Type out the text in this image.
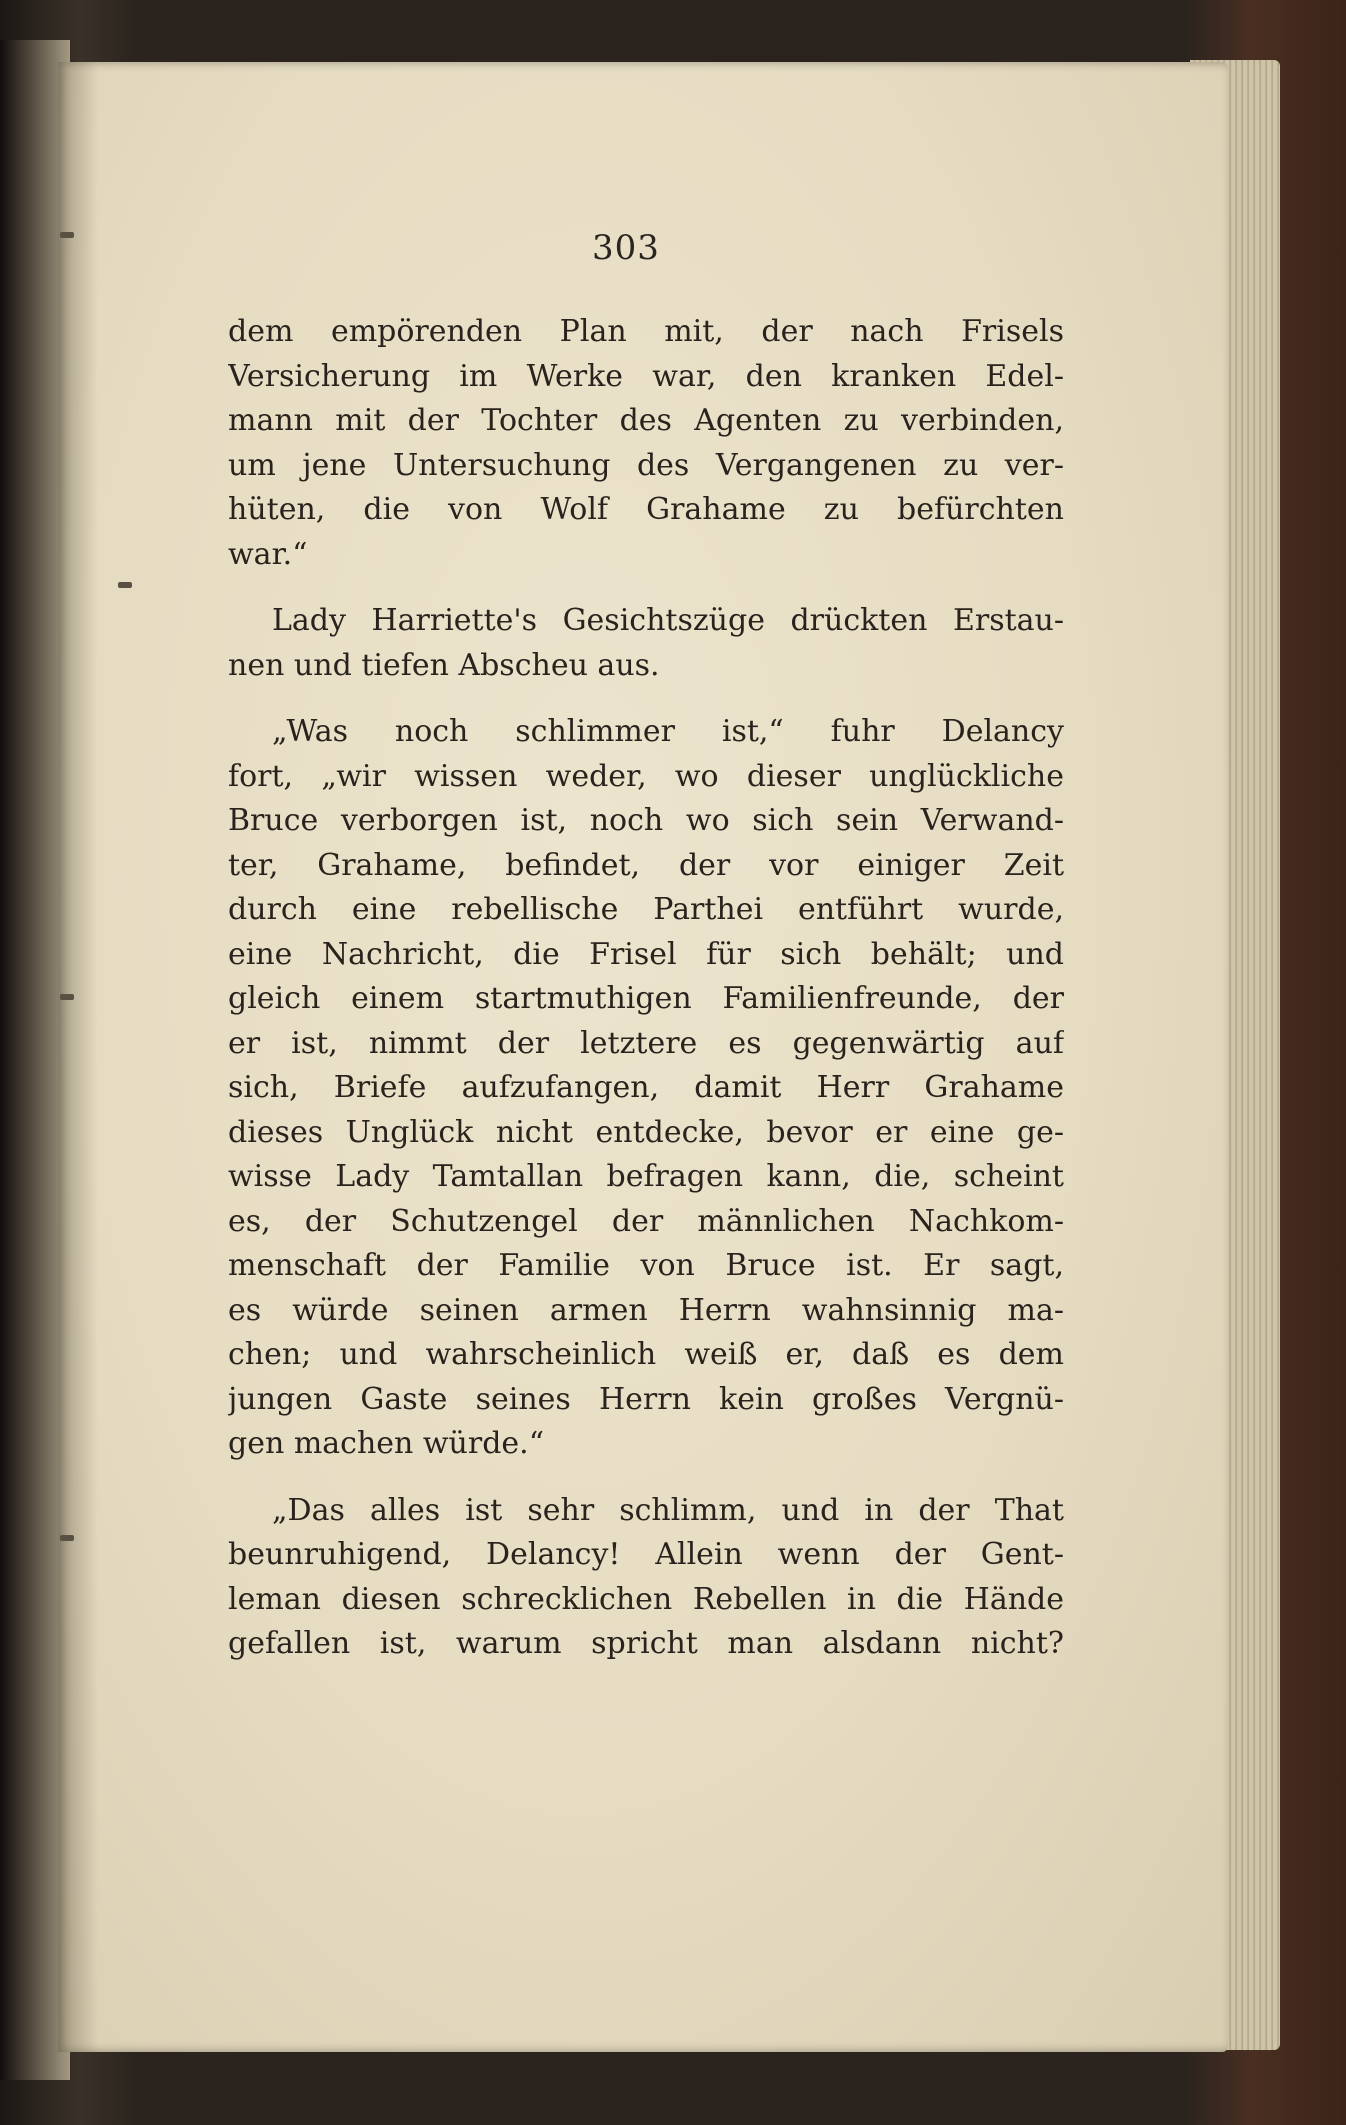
303
dem empörenden Plan mit, der nach Frisels
Versicherung im Werke war, den kranken Edel-
mann mit der Tochter des Agenten zu verbinden,
um jene Untersuchung des Vergangenen zu ver-
hüten, die von Wolf Grahame zu befürchten
war.“
Lady Harriette's Gesichtszüge drückten Erstau-
nen und tiefen Abscheu aus.
„Was noch schlimmer ist,“ fuhr Delancy
fort, „wir wissen weder, wo dieser unglückliche
Bruce verborgen ist, noch wo sich sein Verwand-
ter, Grahame, befindet, der vor einiger Zeit
durch eine rebellische Parthei entführt wurde,
eine Nachricht, die Frisel für sich behält; und
gleich einem startmuthigen Familienfreunde, der
er ist, nimmt der letztere es gegenwärtig auf
sich, Briefe aufzufangen, damit Herr Grahame
dieses Unglück nicht entdecke, bevor er eine ge-
wisse Lady Tamtallan befragen kann, die, scheint
es, der Schutzengel der männlichen Nachkom-
menschaft der Familie von Bruce ist. Er sagt,
es würde seinen armen Herrn wahnsinnig ma-
chen; und wahrscheinlich weiß er, daß es dem
jungen Gaste seines Herrn kein großes Vergnü-
gen machen würde.“
„Das alles ist sehr schlimm, und in der That
beunruhigend, Delancy! Allein wenn der Gent-
leman diesen schrecklichen Rebellen in die Hände
gefallen ist, warum spricht man alsdann nicht?
